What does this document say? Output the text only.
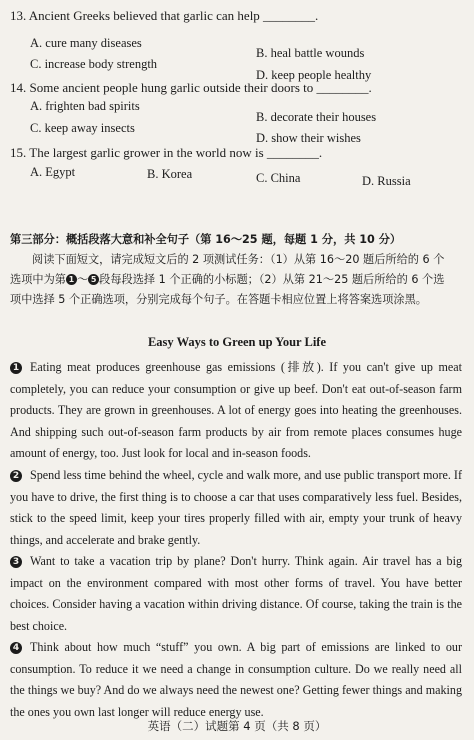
13. Ancient Greeks believed that garlic can help ________.
A. cure many diseases
B. heal battle wounds
C. increase body strength
D. keep people healthy
14. Some ancient people hung garlic outside their doors to ________.
A. frighten bad spirits
B. decorate their houses
C. keep away insects
D. show their wishes
15. The largest garlic grower in the world now is ________.
A. Egypt	B. Korea	C. China	D. Russia
第三部分：概括段落大意和补全句子（第 16～25 题，每题 1 分，共 10 分）
阅读下面短文，请完成短文后的 2 项测试任务：（1）从第 16～20 题后所给的 6 个
选项中为第 1 ～ 5 段每段选择 1 个正确的小标题；（2）从第 21～25 题后所给的 6 个选
项中选择 5 个正确选项，分别完成每个句子。在答题卡相应位置上将答案选项涂黑。
Easy Ways to Green up Your Life
1 Eating meat produces greenhouse gas emissions (排放). If you can't give up meat completely, you can reduce your consumption or give up beef. Don't eat out-of-season farm products. They are grown in greenhouses. A lot of energy goes into heating the greenhouses. And shipping such out-of-season farm products by air from remote places consumes huge amount of energy, too. Just look for local and in-season foods.
2 Spend less time behind the wheel, cycle and walk more, and use public transport more. If you have to drive, the first thing is to choose a car that uses comparatively less fuel. Besides, stick to the speed limit, keep your tires properly filled with air, empty your trunk of heavy things, and accelerate and brake gently.
3 Want to take a vacation trip by plane? Don't hurry. Think again. Air travel has a big impact on the environment compared with most other forms of travel. You have better choices. Consider having a vacation within driving distance. Of course, taking the train is the best choice.
4 Think about how much “stuff” you own. A big part of emissions are linked to our consumption. To reduce it we need a change in consumption culture. Do we really need all the things we buy? And do we always need the newest one? Getting fewer things and making the ones you own last longer will reduce energy use.
英语（二）试题第 4 页（共 8 页）
